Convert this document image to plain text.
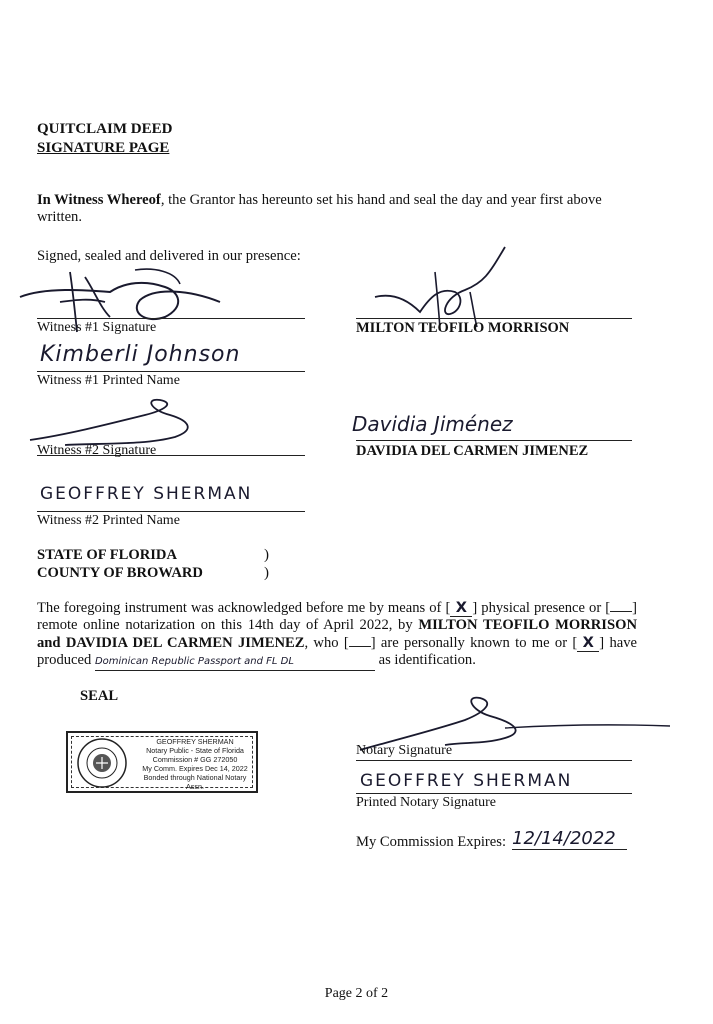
QUITCLAIM DEED
SIGNATURE PAGE
In Witness Whereof, the Grantor has hereunto set his hand and seal the day and year first above written.
Signed, sealed and delivered in our presence:
Witness #1 Signature
Kimberli Johnson
Witness #1 Printed Name
Witness #2 Signature
GEOFFREY SHERMAN
Witness #2 Printed Name
MILTON TEOFILO MORRISON
Davidia Jiménez
DAVIDIA DEL CARMEN JIMENEZ
STATE OF FLORIDA
COUNTY OF BROWARD
)
)
The foregoing instrument was acknowledged before me by means of [ X ] physical presence or [ ] remote online notarization on this 14th day of April 2022, by MILTON TEOFILO MORRISON and DAVIDIA DEL CARMEN JIMENEZ, who [ ] are personally known to me or [ X ] have produced Dominican Republic Passport and FL DL	as identification.
SEAL
GEOFFREY SHERMAN
Notary Public - State of Florida
Commission # GG 272050
My Comm. Expires Dec 14, 2022
Bonded through National Notary Assn.
Notary Signature
GEOFFREY SHERMAN
Printed Notary Signature
My Commission Expires: 12/14/2022
Page 2 of 2
